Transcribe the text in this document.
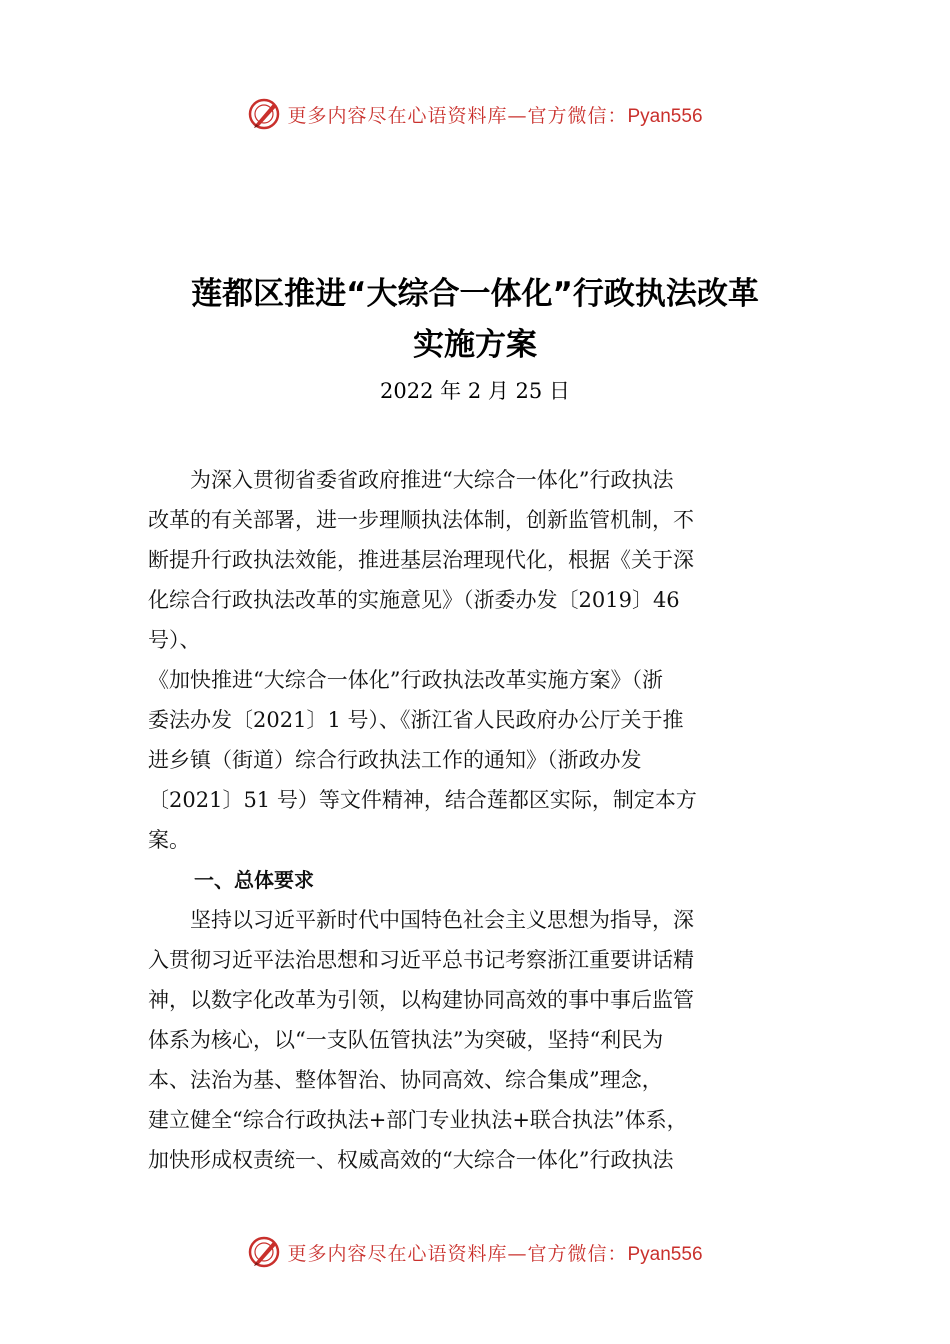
更多内容尽在心语资料库—官方微信：Pyan556
莲都区推进“大综合一体化”行政执法改革
实施方案
2022 年 2 月 25 日
　　为深入贯彻省委省政府推进“大综合一体化”行政执法
改革的有关部署，进一步理顺执法体制，创新监管机制，不
断提升行政执法效能，推进基层治理现代化，根据《关于深
化综合行政执法改革的实施意见》（浙委办发〔2019〕46
号）、
《加快推进“大综合一体化”行政执法改革实施方案》（浙
委法办发〔2021〕1 号）、《浙江省人民政府办公厅关于推
进乡镇（街道）综合行政执法工作的通知》（浙政办发
〔2021〕51 号）等文件精神，结合莲都区实际，制定本方
案。
一、总体要求
　　坚持以习近平新时代中国特色社会主义思想为指导，深
入贯彻习近平法治思想和习近平总书记考察浙江重要讲话精
神，以数字化改革为引领，以构建协同高效的事中事后监管
体系为核心，以“一支队伍管执法”为突破，坚持“利民为
本、法治为基、整体智治、协同高效、综合集成”理念，
建立健全“综合行政执法+部门专业执法+联合执法”体系，
加快形成权责统一、权威高效的“大综合一体化”行政执法
更多内容尽在心语资料库—官方微信：Pyan556
